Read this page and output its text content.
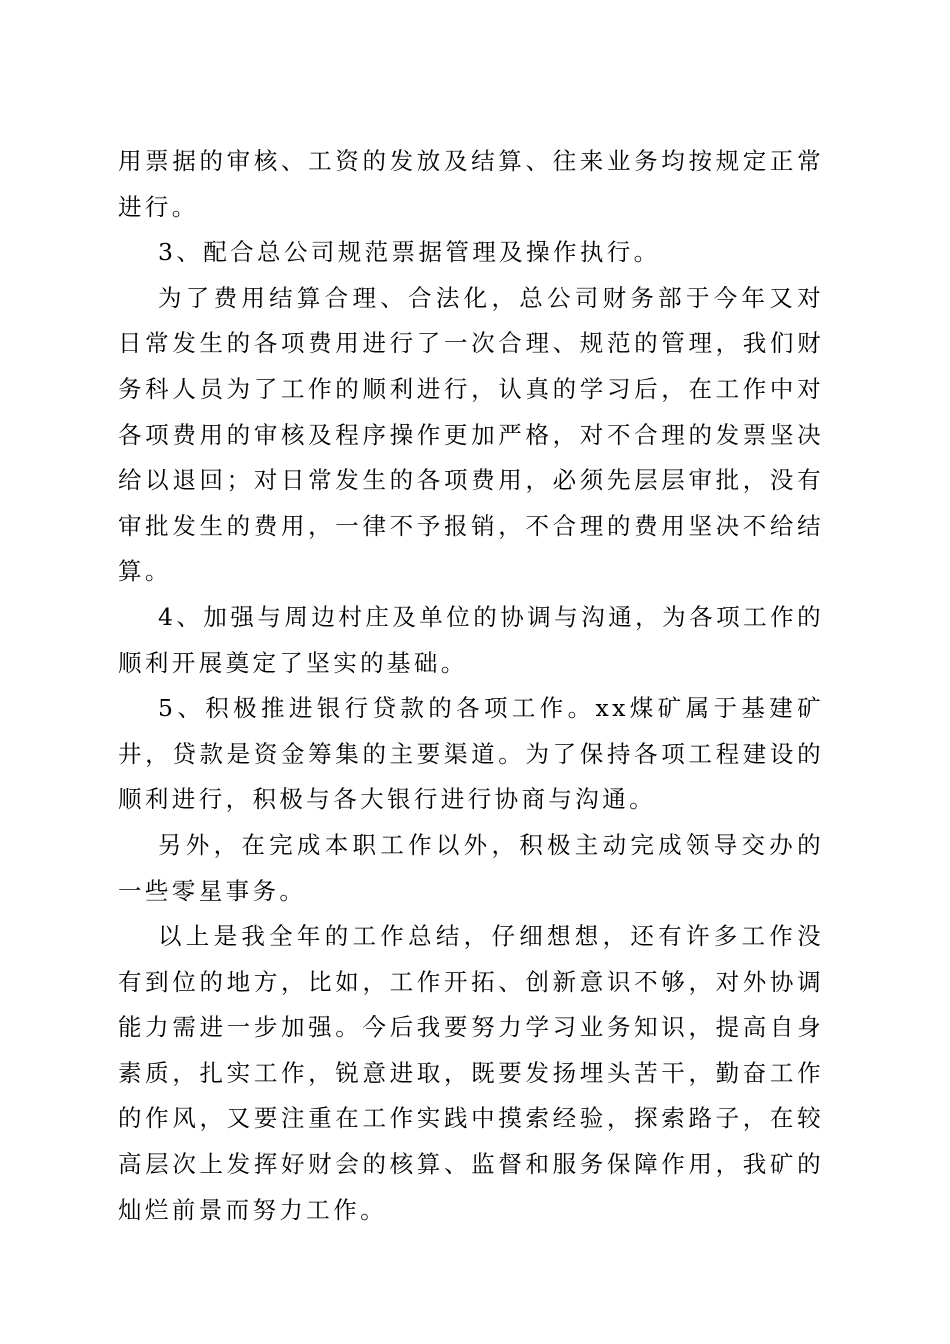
用票据的审核、工资的发放及结算、往来业务均按规定正常进行。

3、配合总公司规范票据管理及操作执行。

为了费用结算合理、合法化，总公司财务部于今年又对日常发生的各项费用进行了一次合理、规范的管理，我们财务科人员为了工作的顺利进行，认真的学习后，在工作中对各项费用的审核及程序操作更加严格，对不合理的发票坚决给以退回；对日常发生的各项费用，必须先层层审批，没有审批发生的费用，一律不予报销，不合理的费用坚决不给结算。

4、加强与周边村庄及单位的协调与沟通，为各项工作的顺利开展奠定了坚实的基础。

5、积极推进银行贷款的各项工作。xx煤矿属于基建矿井，贷款是资金筹集的主要渠道。为了保持各项工程建设的顺利进行，积极与各大银行进行协商与沟通。

另外，在完成本职工作以外，积极主动完成领导交办的一些零星事务。

以上是我全年的工作总结，仔细想想，还有许多工作没有到位的地方，比如，工作开拓、创新意识不够，对外协调能力需进一步加强。今后我要努力学习业务知识，提高自身素质，扎实工作，锐意进取，既要发扬埋头苦干，勤奋工作的作风，又要注重在工作实践中摸索经验，探索路子，在较高层次上发挥好财会的核算、监督和服务保障作用，我矿的灿烂前景而努力工作。
